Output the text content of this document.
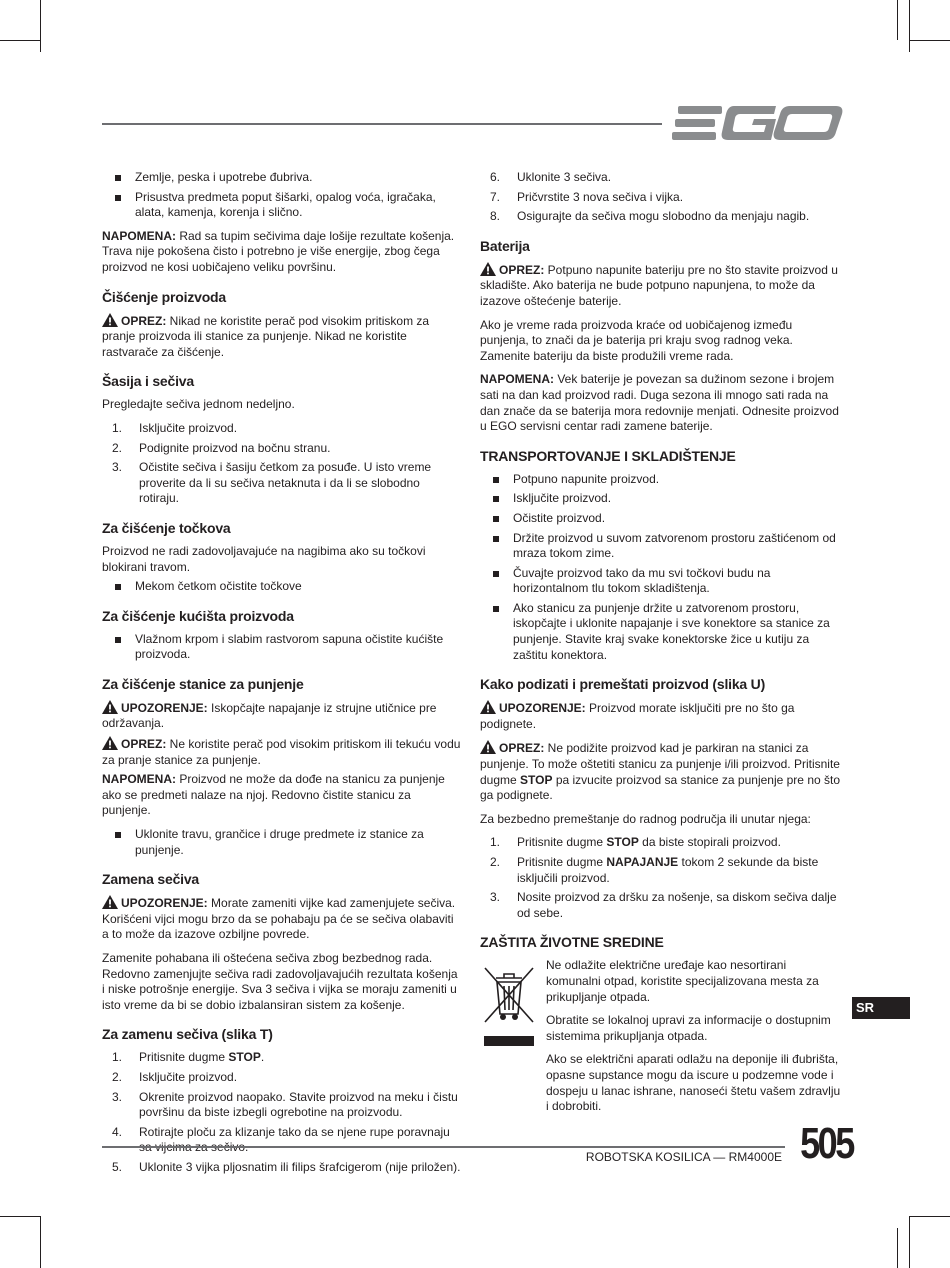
Zemlje, peska i upotrebe đubriva.
Prisustva predmeta poput šišarki, opalog voća, igračaka, alata, kamenja, korenja i slično.

NAPOMENA: Rad sa tupim sečivima daje lošije rezultate košenja. Trava nije pokošena čisto i potrebno je više energije, zbog čega proizvod ne kosi uobičajeno veliku površinu.

Čišćenje proizvoda

OPREZ: Nikad ne koristite perač pod visokim pritiskom za pranje proizvoda ili stanice za punjenje. Nikad ne koristite rastvarače za čišćenje.

Šasija i sečiva

Pregledajte sečiva jednom nedeljno.

1. Isključite proizvod.
2. Podignite proizvod na bočnu stranu.
3. Očistite sečiva i šasiju četkom za posuđe. U isto vreme proverite da li su sečiva netaknuta i da li se slobodno rotiraju.
Za čišćenje točkova

Proizvod ne radi zadovoljavajuće na nagibima ako su točkovi blokirani travom.

Mekom četkom očistite točkove
Za čišćenje kućišta proizvoda
Vlažnom krpom i slabim rastvorom sapuna očistite kućište proizvoda.
Za čišćenje stanice za punjenje

UPOZORENJE: Iskopčajte napajanje iz strujne utičnice pre održavanja.

OPREZ: Ne koristite perač pod visokim pritiskom ili tekuću vodu za pranje stanice za punjenje.

NAPOMENA: Proizvod ne može da dođe na stanicu za punjenje ako se predmeti nalaze na njoj. Redovno čistite stanicu za punjenje.

Uklonite travu, grančice i druge predmete iz stanice za punjenje.
Zamena sečiva

UPOZORENJE: Morate zameniti vijke kad zamenjujete sečiva. Korišćeni vijci mogu brzo da se pohabaju pa će se sečiva olabaviti a to može da izazove ozbiljne povrede.

Zamenite pohabana ili oštećena sečiva zbog bezbednog rada. Redovno zamenjujte sečiva radi zadovoljavajućih rezultata košenja i niske potrošnje energije. Sva 3 sečiva i vijka se moraju zameniti u isto vreme da bi se dobio izbalansiran sistem za košenje.

Za zamenu sečiva (slika T)
1. Pritisnite dugme STOP.
2. Isključite proizvod.
3. Okrenite proizvod naopako. Stavite proizvod na meku i čistu površinu da biste izbegli ogrebotine na proizvodu.
4. Rotirajte ploču za klizanje tako da se njene rupe poravnaju
5. Uklonite 3 vijka pljosnatim ili filips šrafcigerom (nije priložen).
6. Uklonite 3 sečiva.
7. Pričvrstite 3 nova sečiva i vijka.
8. Osigurajte da sečiva mogu slobodno da menjaju nagib.
Baterija

OPREZ: Potpuno napunite bateriju pre no što stavite proizvod u skladište. Ako baterija ne bude potpuno napunjena, to može da izazove oštećenje baterije.

Ako je vreme rada proizvoda kraće od uobičajenog između punjenja, to znači da je baterija pri kraju svog radnog veka. Zamenite bateriju da biste produžili vreme rada.

NAPOMENA: Vek baterije je povezan sa dužinom sezone i brojem sati na dan kad proizvod radi. Duga sezona ili mnogo sati rada na dan znače da se baterija mora redovnije menjati. Odnesite proizvod u EGO servisni centar radi zamene baterije.

TRANSPORTOVANJE I SKLADIŠTENJE
Potpuno napunite proizvod.
Isključite proizvod.
Očistite proizvod.
Držite proizvod u suvom zatvorenom prostoru zaštićenom od mraza tokom zime.
Čuvajte proizvod tako da mu svi točkovi budu na horizontalnom tlu tokom skladištenja.
Ako stanicu za punjenje držite u zatvorenom prostoru, iskopčajte i uklonite napajanje i sve konektore sa stanice za punjenje. Stavite kraj svake konektorske žice u kutiju za zaštitu konektora.
Kako podizati i premeštati proizvod (slika U)

UPOZORENJE: Proizvod morate isključiti pre no što ga podignete.

OPREZ: Ne podižite proizvod kad je parkiran na stanici za punjenje. To može oštetiti stanicu za punjenje i/ili proizvod. Pritisnite dugme STOP pa izvucite proizvod sa stanice za punjenje pre no što ga podignete.

Za bezbedno premeštanje do radnog područja ili unutar njega:

1. Pritisnite dugme STOP da biste stopirali proizvod.
2. Pritisnite dugme NAPAJANJE tokom 2 sekunde da biste isključili proizvod.
3. Nosite proizvod za dršku za nošenje, sa diskom sečiva dalje od sebe.
ZAŠTITA ŽIVOTNE SREDINE

Ne odlažite električne uređaje kao nesortirani komunalni otpad, koristite specijalizovana mesta za prikupljanje otpada.

Obratite se lokalnoj upravi za informacije o dostupnim sistemima prikupljanja otpada.

Ako se električni aparati odlažu na deponije ili đubrišta, opasne supstance mogu da iscure u podzemne vode i dospeju u lanac ishrane, nanoseći štetu vašem zdravlju i dobrobiti.

SR
ROBOTSKA KOSILICA — RM4000E 505
